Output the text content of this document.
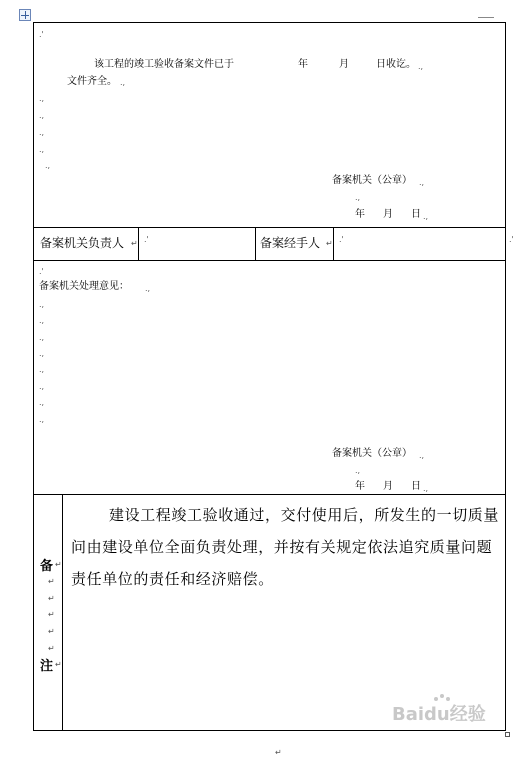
.'
该工程的竣工验收备案文件已于	年	月	日收讫。 .,
文件齐全。 .,
.,
.,
.,
.,
.,
备案机关（公章） .,
.,
年 月 日 .,
备案机关负责人 ↵ .'	备案经手人 ↵ .'	.'
.'
备案机关处理意见： .,
.,
.,
.,
.,
.,
.,
.,
.,
备案机关（公章） .,
.,
年 月 日 .,
备 ↵
↵
↵
↵
↵
↵
注 ↵
建设工程竣工验收通过，交付使用后，所发生的一切质量问由建设单位全面负责处理，并按有关规定依法追究质量问题责任单位的责任和经济赔偿。
↵
Baidu经验
